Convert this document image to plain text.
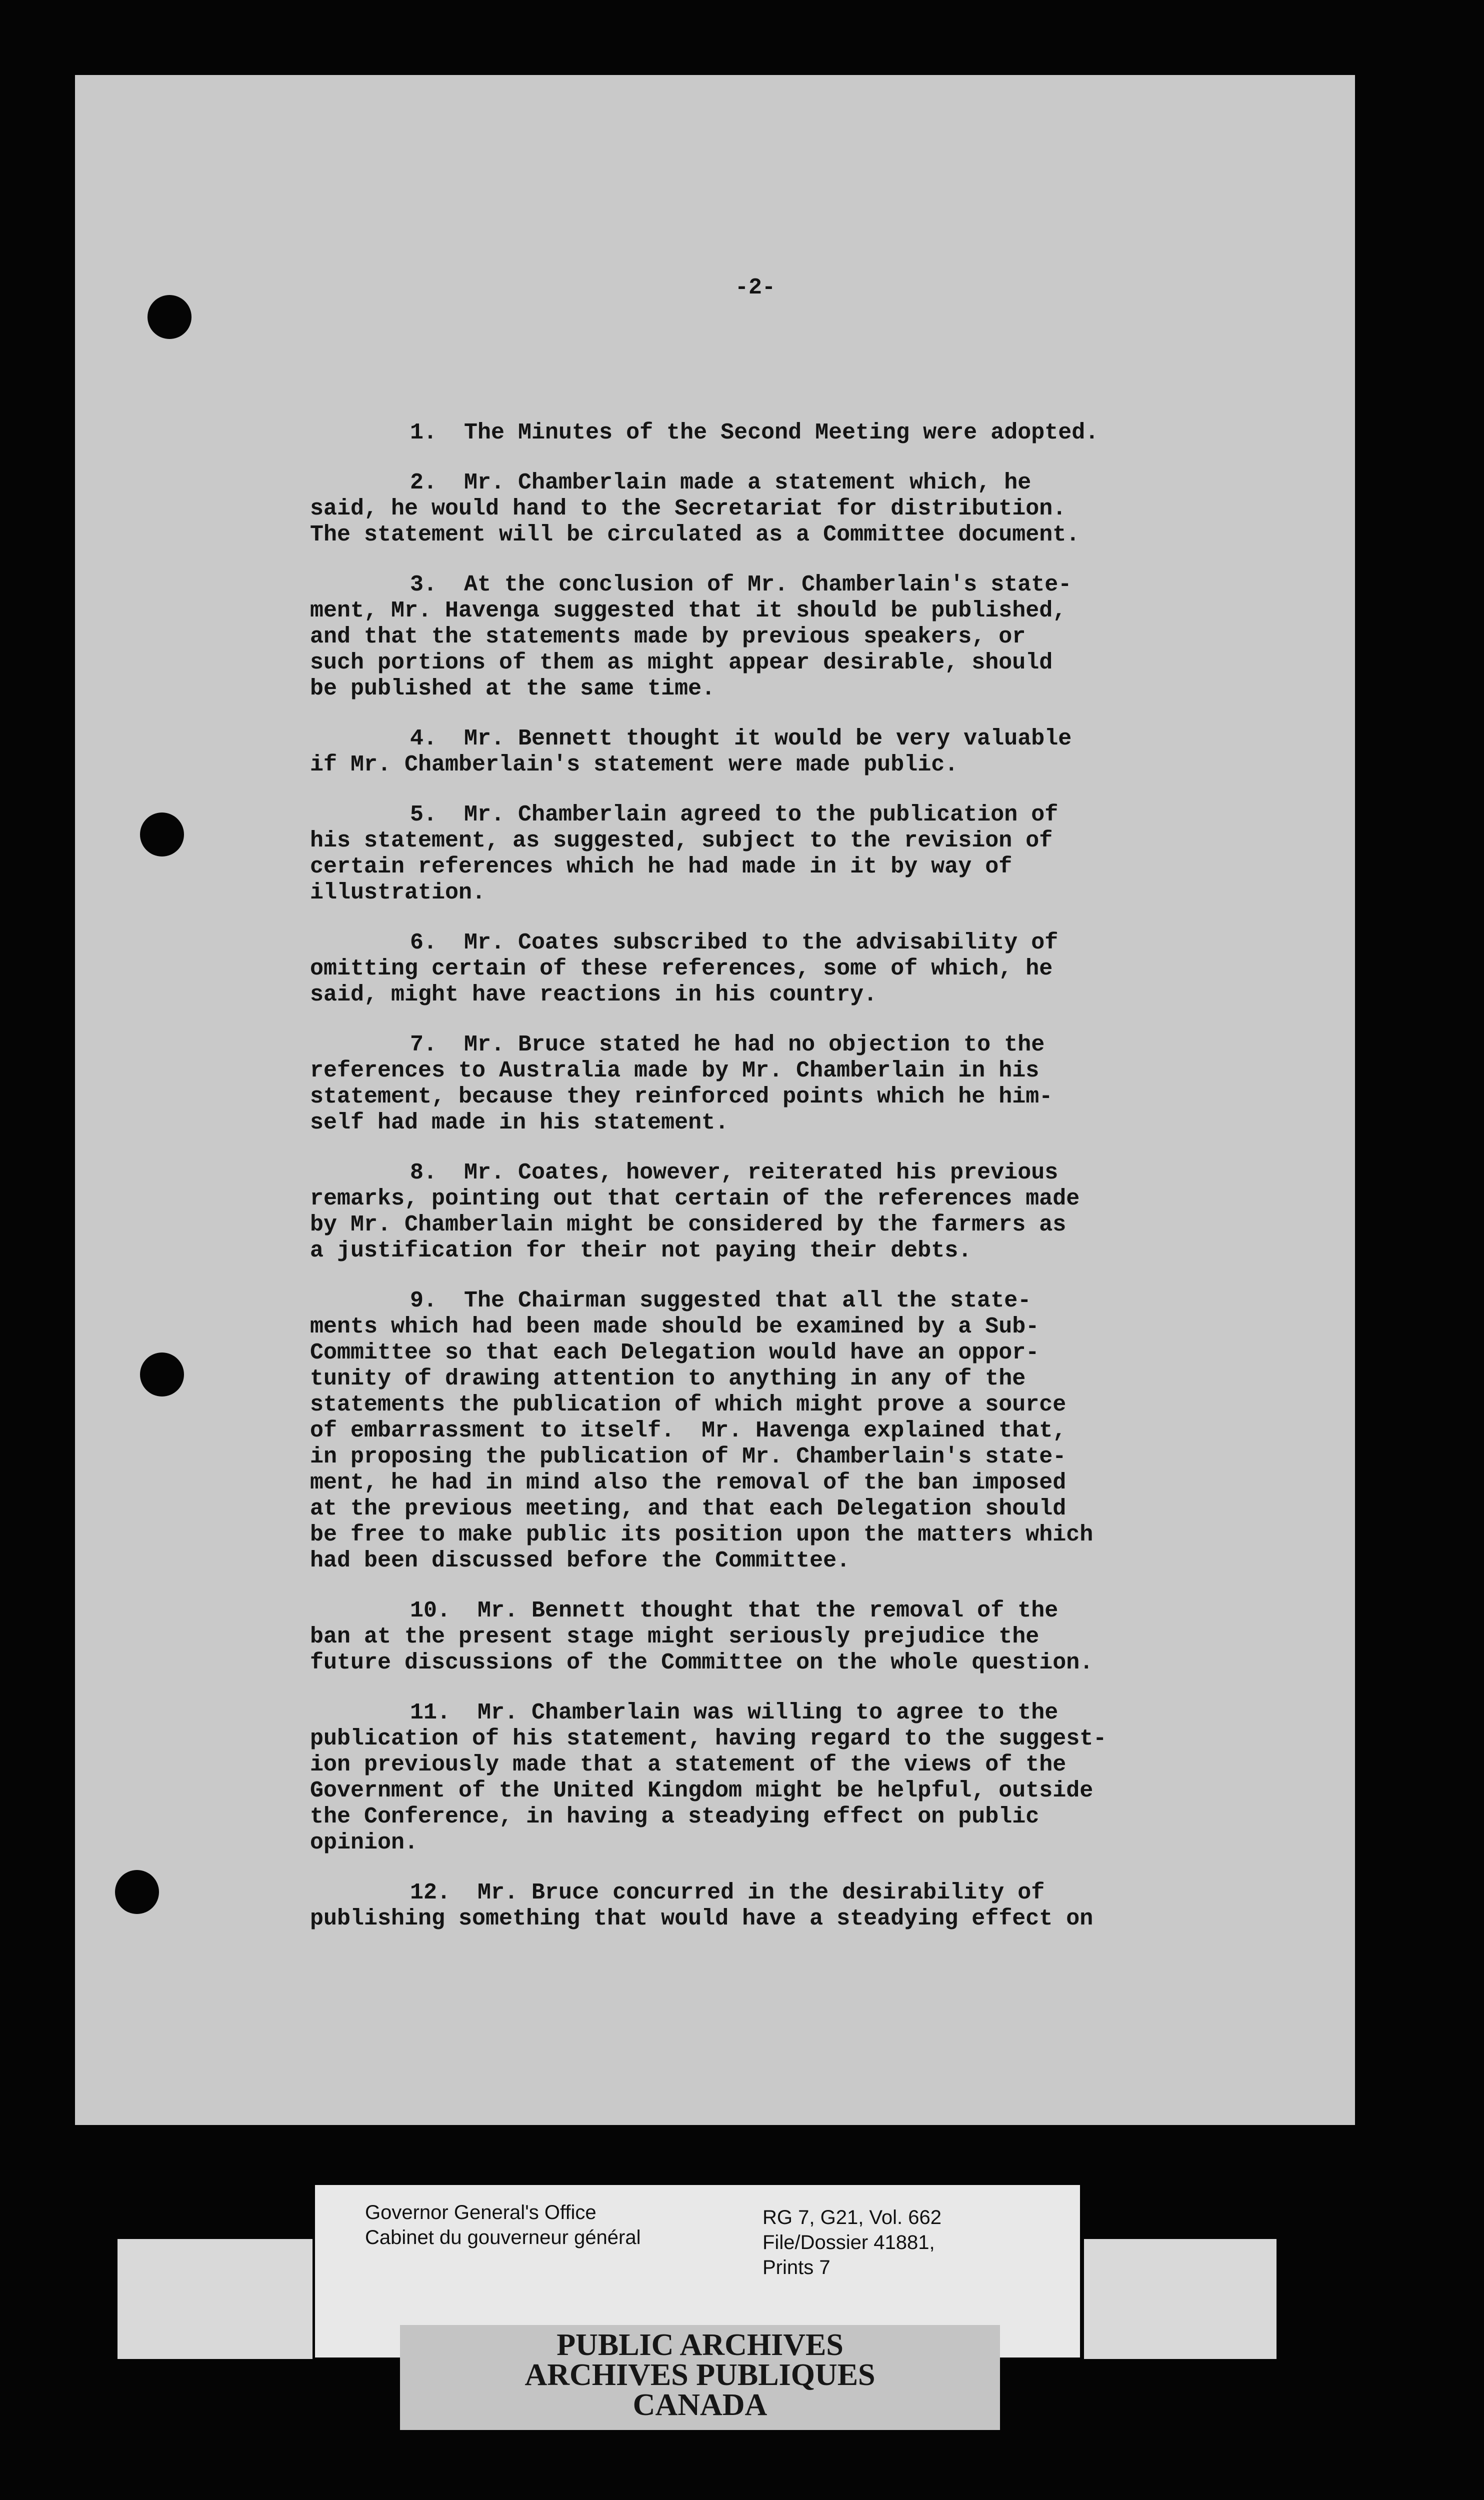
-2-
1.  The Minutes of the Second Meeting were adopted.
2.  Mr. Chamberlain made a statement which, he
said, he would hand to the Secretariat for distribution.
The statement will be circulated as a Committee document.
3.  At the conclusion of Mr. Chamberlain's state-
ment, Mr. Havenga suggested that it should be published,
and that the statements made by previous speakers, or
such portions of them as might appear desirable, should
be published at the same time.
4.  Mr. Bennett thought it would be very valuable
if Mr. Chamberlain's statement were made public.
5.  Mr. Chamberlain agreed to the publication of
his statement, as suggested, subject to the revision of
certain references which he had made in it by way of
illustration.
6.  Mr. Coates subscribed to the advisability of
omitting certain of these references, some of which, he
said, might have reactions in his country.
7.  Mr. Bruce stated he had no objection to the
references to Australia made by Mr. Chamberlain in his
statement, because they reinforced points which he him-
self had made in his statement.
8.  Mr. Coates, however, reiterated his previous
remarks, pointing out that certain of the references made
by Mr. Chamberlain might be considered by the farmers as
a justification for their not paying their debts.
9.  The Chairman suggested that all the state-
ments which had been made should be examined by a Sub-
Committee so that each Delegation would have an oppor-
tunity of drawing attention to anything in any of the
statements the publication of which might prove a source
of embarrassment to itself.  Mr. Havenga explained that,
in proposing the publication of Mr. Chamberlain's state-
ment, he had in mind also the removal of the ban imposed
at the previous meeting, and that each Delegation should
be free to make public its position upon the matters which
had been discussed before the Committee.
10.  Mr. Bennett thought that the removal of the
ban at the present stage might seriously prejudice the
future discussions of the Committee on the whole question.
11.  Mr. Chamberlain was willing to agree to the
publication of his statement, having regard to the suggest-
ion previously made that a statement of the views of the
Government of the United Kingdom might be helpful, outside
the Conference, in having a steadying effect on public
opinion.
12.  Mr. Bruce concurred in the desirability of
publishing something that would have a steadying effect on
Governor General's Office
Cabinet du gouverneur général
RG 7, G21, Vol. 662
File/Dossier 41881,
Prints 7
PUBLIC ARCHIVES
ARCHIVES PUBLIQUES
CANADA
